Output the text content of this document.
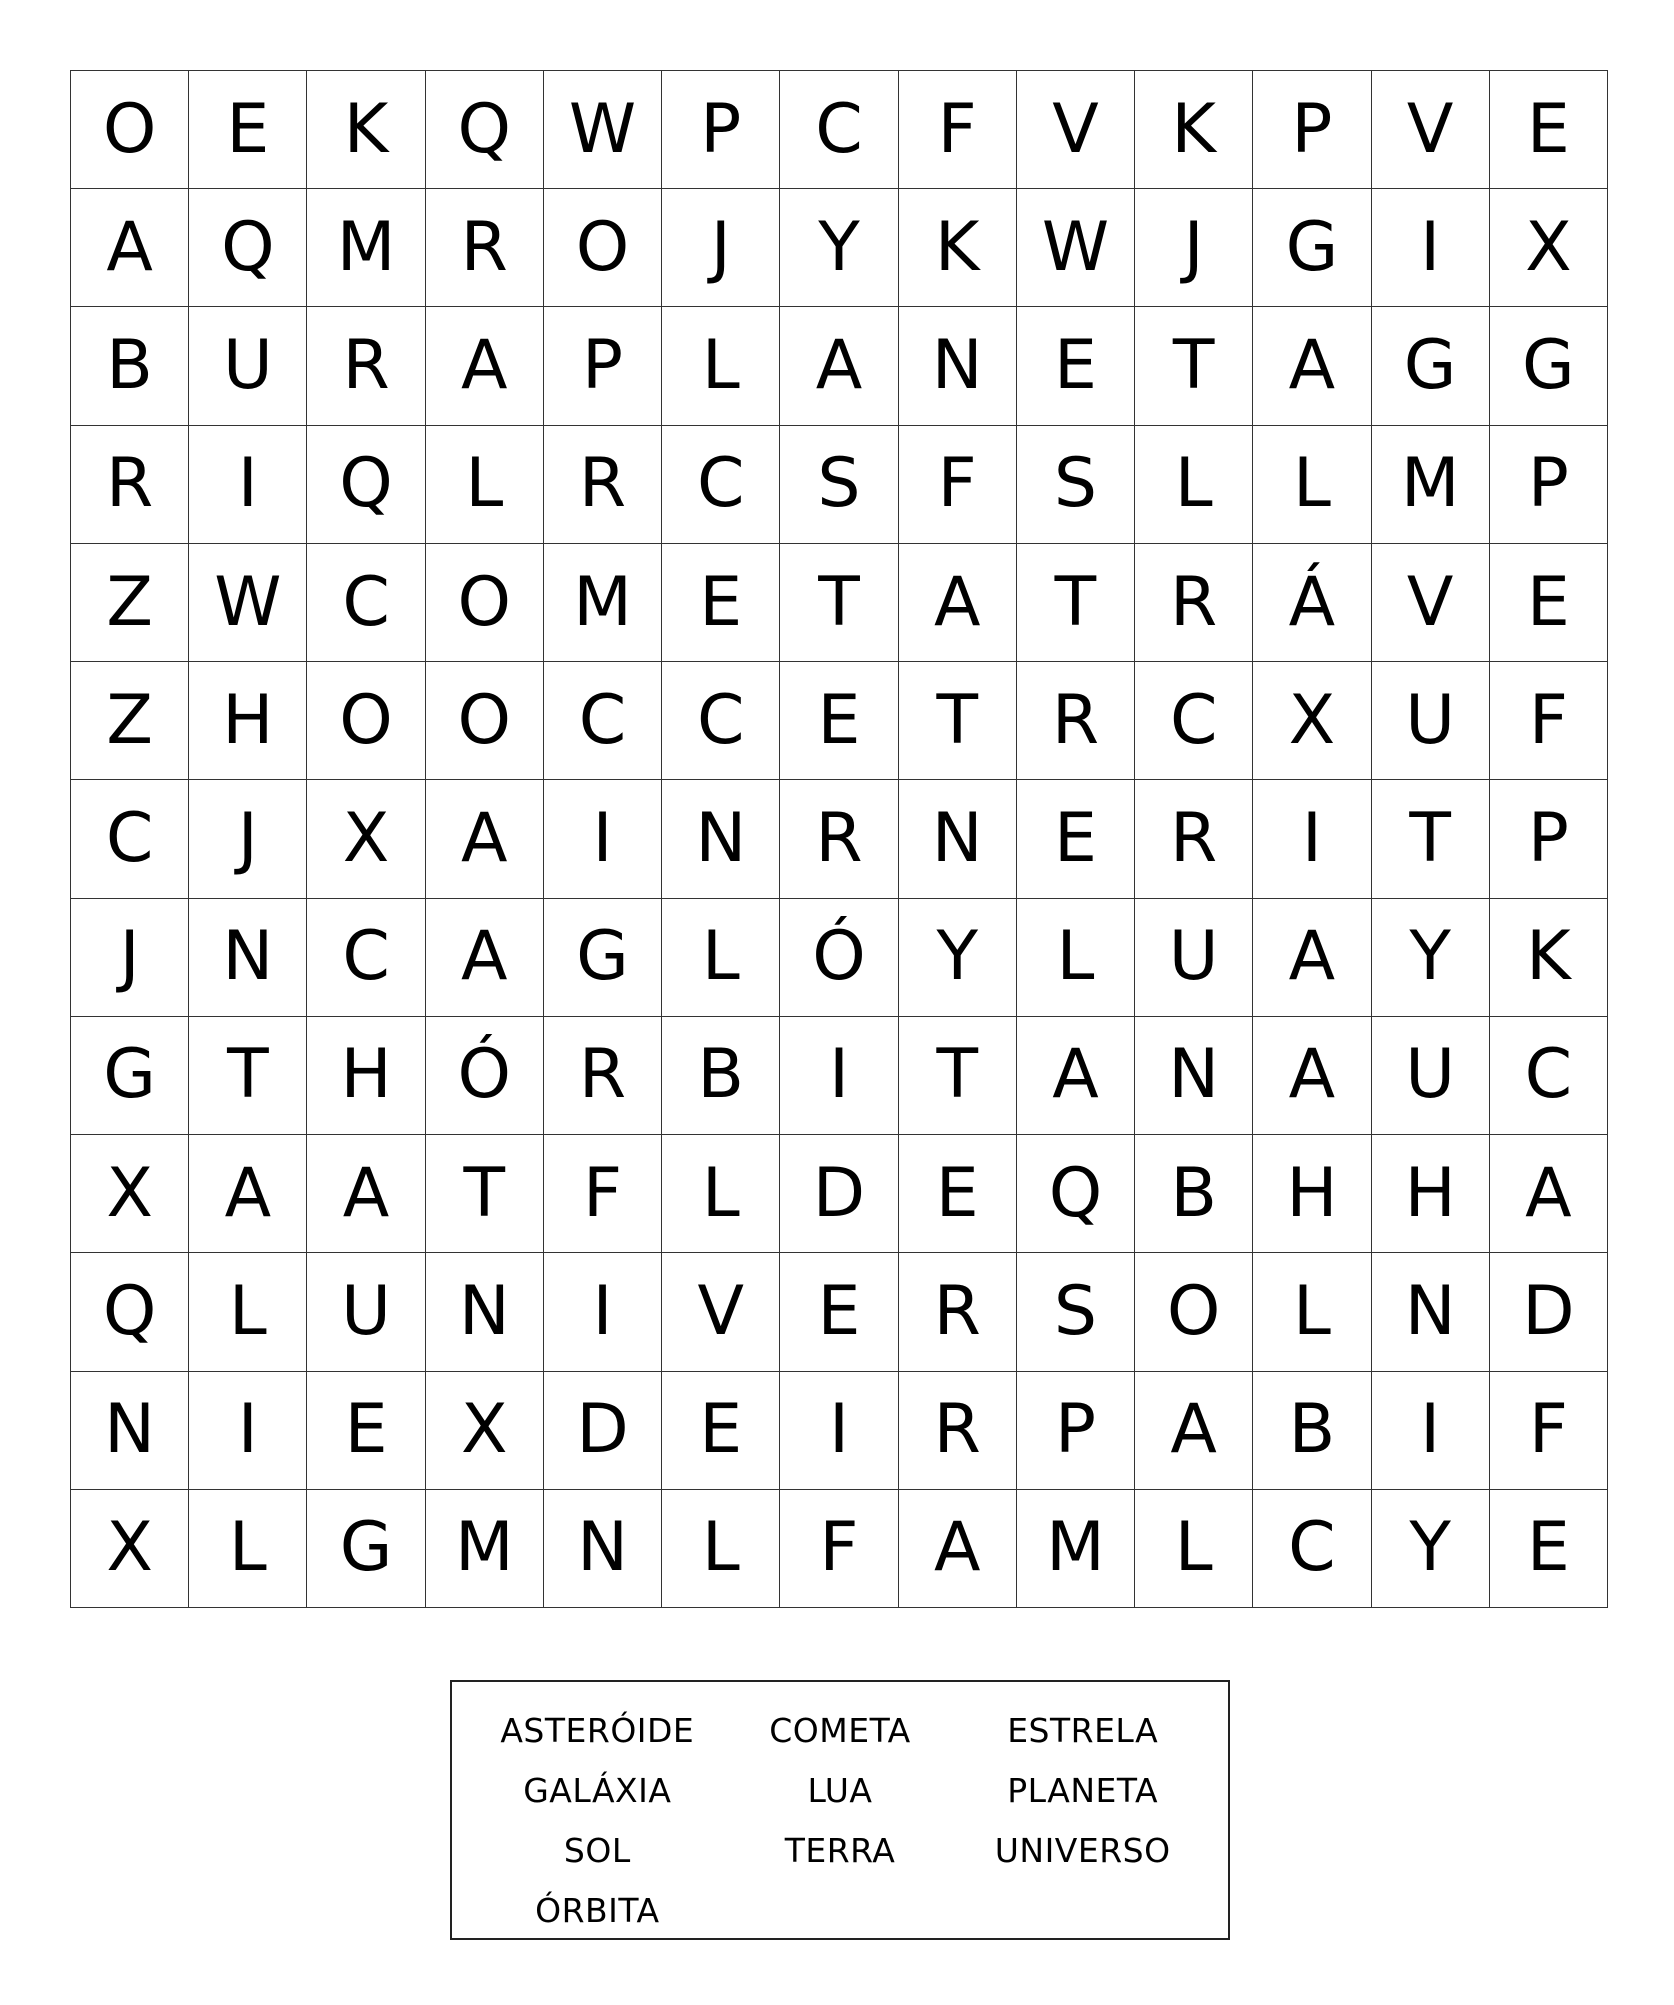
O	E	K	Q W P	C	F	V	K	P	V	E
A	Q M R O	J	Y	K W	J	G	I	X
B	U	R	A	P	L	A	N	E	T	A	G G
R	I	Q	L	R	C	S	F	S	L	L	M	P
Z W C O M E	T	A	T	R	Á	V	E
Z	H O O C	C	E	T	R	C	X	U	F
C	J	X	A	I	N	R	N	E	R	I	T	P
J	N	C	A	G	L	Ó	Y	L	U	A	Y	K
G	T	H Ó R	B	I	T	A	N	A	U	C
X	A	A	T	F	L	D	E	Q	B	H H	A
Q	L	U N	I	V	E	R	S	O	L	N D
N	I	E	X	D	E	I	R	P	A	B	I	F
X	L	G M N	L	F	A M	L	C	Y	E
ASTERÓIDE	COMETA	ESTRELA
GALÁXIA	LUA	PLANETA
SOL	TERRA	UNIVERSO
ÓRBITA
